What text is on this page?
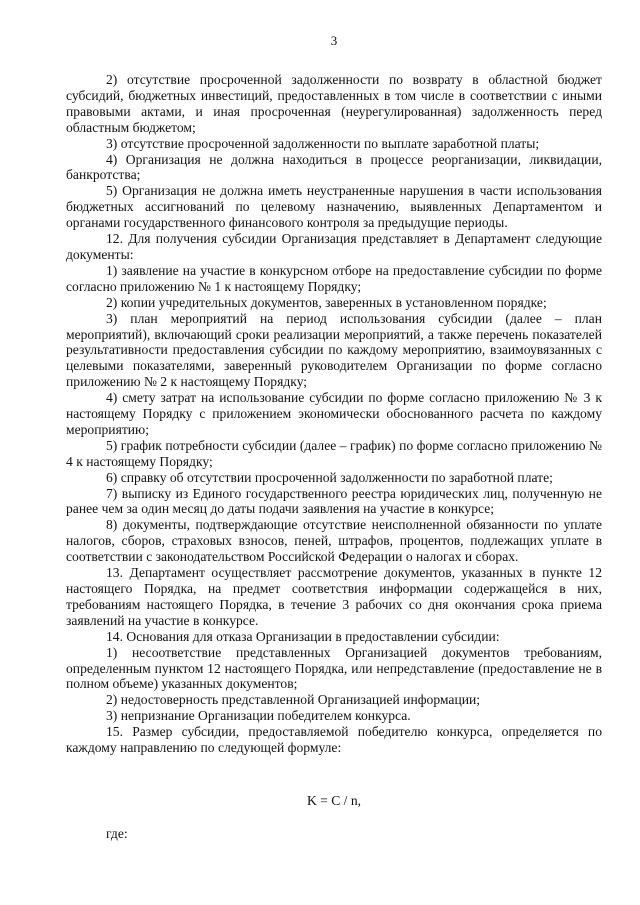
3

2) отсутствие просроченной задолженности по возврату в областной бюджет субсидий, бюджетных инвестиций, предоставленных в том числе в соответствии с иными правовыми актами, и иная просроченная (неурегулированная) задолженность перед областным бюджетом;

3) отсутствие просроченной задолженности по выплате заработной платы;

4) Организация не должна находиться в процессе реорганизации, ликвидации, банкротства;

5) Организация не должна иметь неустраненные нарушения в части использования бюджетных ассигнований по целевому назначению, выявленных Департаментом и органами государственного финансового контроля за предыдущие периоды.

12. Для получения субсидии Организация представляет в Департамент следующие документы:

1) заявление на участие в конкурсном отборе на предоставление субсидии по форме согласно приложению № 1 к настоящему Порядку;

2) копии учредительных документов, заверенных в установленном порядке;

3) план мероприятий на период использования субсидии (далее – план мероприятий), включающий сроки реализации мероприятий, а также перечень показателей результативности предоставления субсидии по каждому мероприятию, взаимоувязанных с целевыми показателями, заверенный руководителем Организации по форме согласно приложению № 2 к настоящему Порядку;

4) смету затрат на использование субсидии по форме согласно приложению № 3 к настоящему Порядку с приложением экономически обоснованного расчета по каждому мероприятию;

5) график потребности субсидии (далее – график) по форме согласно приложению № 4 к настоящему Порядку;

6) справку об отсутствии просроченной задолженности по заработной плате;

7) выписку из Единого государственного реестра юридических лиц, полученную не ранее чем за один месяц до даты подачи заявления на участие в конкурсе;

8) документы, подтверждающие отсутствие неисполненной обязанности по уплате налогов, сборов, страховых взносов, пеней, штрафов, процентов, подлежащих уплате в соответствии с законодательством Российской Федерации о налогах и сборах.

13. Департамент осуществляет рассмотрение документов, указанных в пункте 12 настоящего Порядка, на предмет соответствия информации содержащейся в них, требованиям настоящего Порядка, в течение 3 рабочих со дня окончания срока приема заявлений на участие в конкурсе.

14. Основания для отказа Организации в предоставлении субсидии:

1) несоответствие представленных Организацией документов требованиям, определенным пунктом 12 настоящего Порядка, или непредставление (предоставление не в полном объеме) указанных документов;

2) недостоверность представленной Организацией информации;

3) непризнание Организации победителем конкурса.

15. Размер субсидии, предоставляемой победителю конкурса, определяется по каждому направлению по следующей формуле:

K = C / n,
где:
